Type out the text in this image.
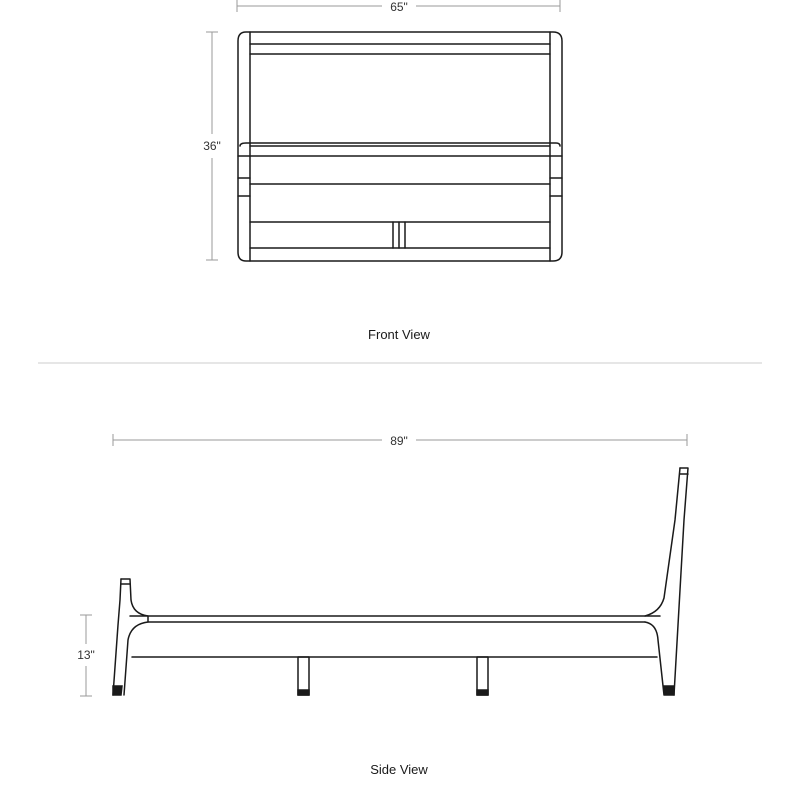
65"
36"
Front View
89"
13"
Side View
